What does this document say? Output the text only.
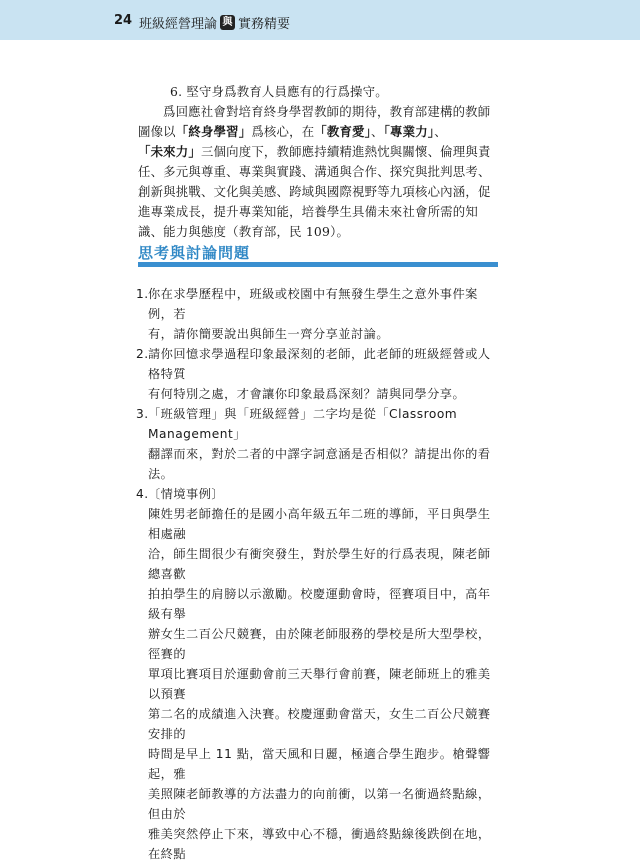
24 班級經營理論 與 實務精要

6. 堅守身爲教育人員應有的行爲操守。

爲回應社會對培育終身學習教師的期待，教育部建構的教師圖像以「終身學習」爲核心，在「教育愛」、「專業力」、「未來力」三個向度下，教師應持續精進熱忱與關懷、倫理與責任、多元與尊重、專業與實踐、溝通與合作、探究與批判思考、創新與挑戰、文化與美感、跨域與國際視野等九項核心內涵，促進專業成長，提升專業知能，培養學生具備未來社會所需的知識、能力與態度（教育部，民 109）。

思考與討論問題
1. 你在求學歷程中，班級或校園中有無發生學生之意外事件案例，若
有，請你簡要說出與師生一齊分享並討論。
2. 請你回憶求學過程印象最深刻的老師，此老師的班級經營或人格特質
有何特別之處，才會讓你印象最爲深刻？請與同學分享。
3. 「班級管理」與「班級經營」二字均是從「Classroom Management」
翻譯而來，對於二者的中譯字詞意涵是否相似？請提出你的看法。
4. 〔情境事例〕
陳姓男老師擔任的是國小高年級五年二班的導師，平日與學生相處融
洽，師生間很少有衝突發生，對於學生好的行爲表現，陳老師總喜歡
拍拍學生的肩膀以示激勵。校慶運動會時，徑賽項目中，高年級有舉
辦女生二百公尺競賽，由於陳老師服務的學校是所大型學校，徑賽的
單項比賽項目於運動會前三天舉行會前賽，陳老師班上的雅美以預賽
第二名的成績進入決賽。校慶運動會當天，女生二百公尺競賽安排的
時間是早上 11 點，當天風和日麗，極適合學生跑步。槍聲響起，雅
美照陳老師教導的方法盡力的向前衝，以第一名衝過終點線，但由於
雅美突然停止下來，導致中心不穩，衝過終點線後跌倒在地，在終點
